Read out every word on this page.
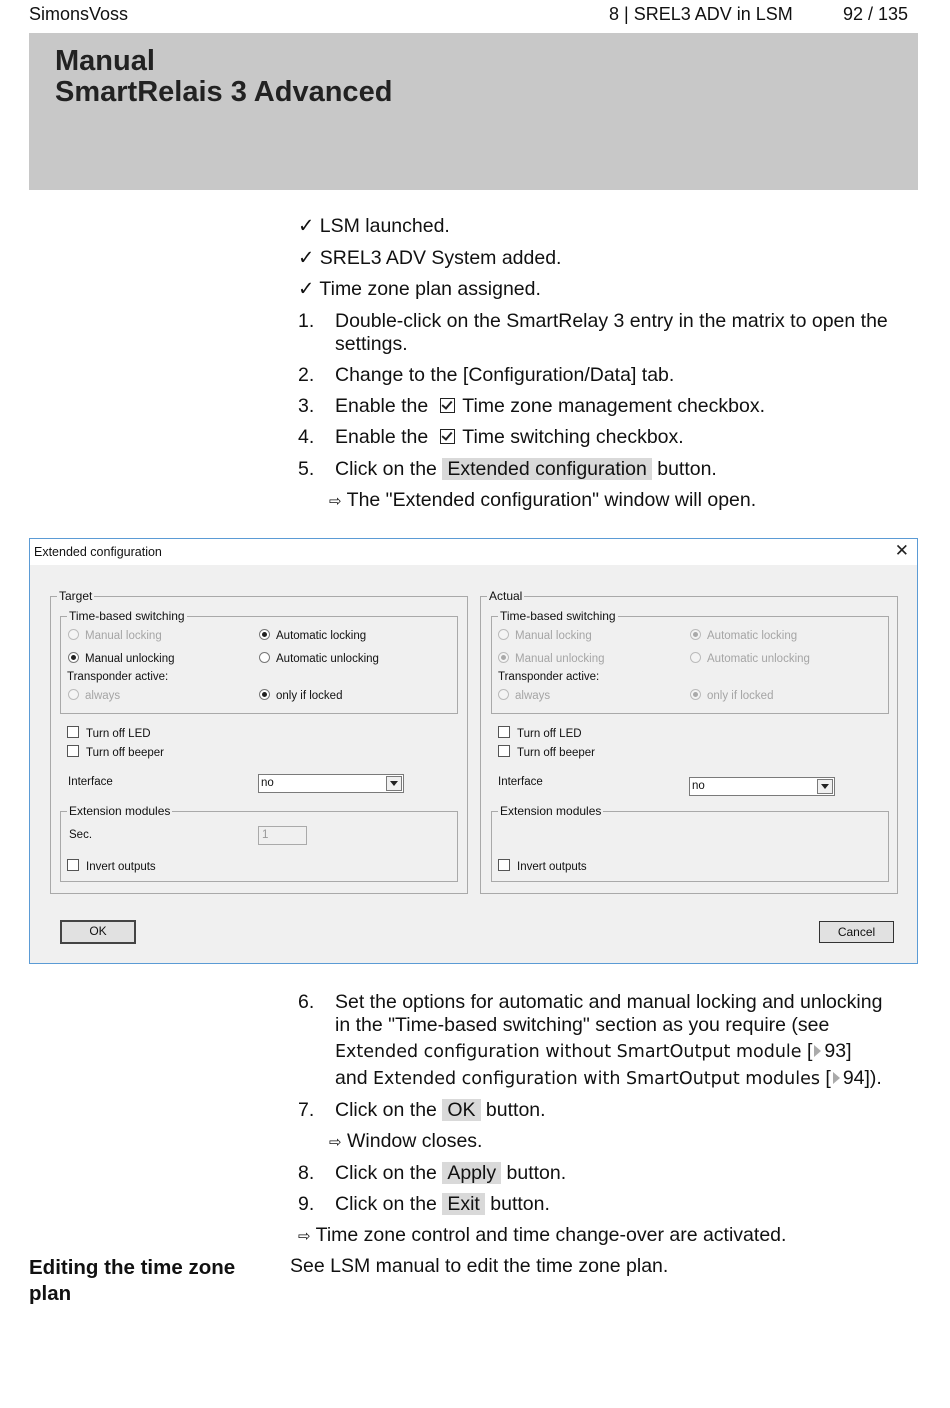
SimonsVoss	8 | SREL3 ADV in LSM	92 / 135
Manual
SmartRelais 3 Advanced
✓ LSM launched.
✓ SREL3 ADV System added.
✓ Time zone plan assigned.
1. Double-click on the SmartRelay 3 entry in the matrix to open the
settings.
2. Change to the [Configuration/Data] tab.
3. Enable the Time zone management checkbox.
4. Enable the Time switching checkbox.
5. Click on the Extended configuration button.
⇨ The "Extended configuration" window will open.
Extended configuration	✕
Target
Time-based switching
Manual locking	Automatic locking
Manual unlocking	Automatic unlocking
Transponder active:
always	only if locked
Turn off LED
Turn off beeper
Interface	no
Extension modules
Sec.	1
Invert outputs
Actual
Time-based switching
Manual locking	Automatic locking
Manual unlocking	Automatic unlocking
Transponder active:
always	only if locked
Turn off LED
Turn off beeper
Interface	no
Extension modules
Invert outputs
OK	Cancel
6. Set the options for automatic and manual locking and unlocking
in the "Time-based switching" section as you require (see
Extended configuration without SmartOutput module [ 93]
and Extended configuration with SmartOutput modules [ 94]).
7. Click on the OK button.
⇨ Window closes.
8. Click on the Apply button.
9. Click on the Exit button.
⇨ Time zone control and time change-over are activated.
Editing the time zone
plan
See LSM manual to edit the time zone plan.
